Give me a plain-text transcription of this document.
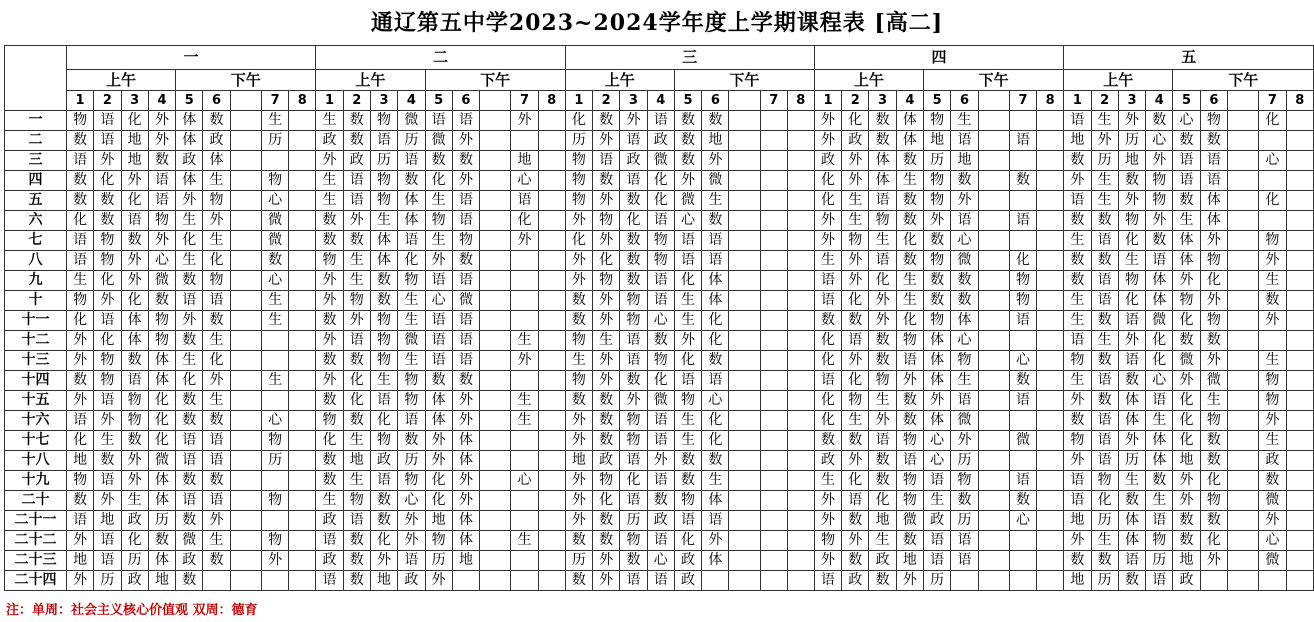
通辽第五中学2023~2024学年度上学期课程表 [高二]
	一									二									三									四									五								
	上午				下午					上午				下午					上午				下午					上午				下午					上午				下午				
	1	2	3	4	5	6		7	8	1	2	3	4	5	6		7	8	1	2	3	4	5	6		7	8	1	2	3	4	5	6		7	8	1	2	3	4	5	6		7	8
一	物	语	化	外	体	数		生		生	数	物	微	语	语		外		化	数	外	语	数	数				外	化	数	体	物	生				语	生	外	数	心	物		化	
二	数	语	地	外	体	政		历		政	数	语	历	微	外				历	外	语	政	数	地				外	政	数	体	地	语		语		地	外	历	心	数	数			
三	语	外	地	数	政	体				外	政	历	语	数	数		地		物	语	政	微	数	外				政	外	体	数	历	地				数	历	地	外	语	语		心	
四	数	化	外	语	体	生		物		生	语	物	数	化	外		心		物	数	语	化	外	微				化	外	体	生	物	数		数		外	生	数	物	语	语			
五	数	数	化	语	外	物		心		生	语	物	体	生	语		语		物	外	数	化	微	生				化	生	语	数	物	外				语	生	外	物	数	体		化	
六	化	数	语	物	生	外		微		数	外	生	体	物	语		化		外	物	化	语	心	数				外	生	物	数	外	语		语		数	数	物	外	生	体			
七	语	物	数	外	化	生		微		数	数	体	语	生	物		外		化	外	数	物	语	语				外	物	生	化	数	心				生	语	化	数	体	外		物	
八	语	物	外	心	生	化		数		物	生	体	化	外	数				外	化	数	物	语	语				生	外	语	数	物	微		化		数	数	生	语	体	物		外	
九	生	化	外	微	数	物		心		外	生	数	物	语	语				外	物	数	语	化	体				语	外	化	生	数	数		物		数	语	物	体	外	化		生	
十	物	外	化	数	语	语		生		外	物	数	生	心	微				数	外	物	语	生	体				语	化	外	生	数	数		物		生	语	化	体	物	外		数	
十一	化	语	体	物	外	数		生		数	外	物	生	语	语				数	外	物	心	生	化				数	数	外	化	物	体		语		生	数	语	微	化	物		外	
十二	外	化	体	物	数	生				外	语	物	微	语	语		生		物	生	语	数	外	化				化	语	数	物	体	心				语	生	外	化	数	数			
十三	外	物	数	体	生	化				数	数	物	生	语	语		外		生	外	语	物	化	数				化	外	数	语	体	物		心		物	数	语	化	微	外		生	
十四	数	物	语	体	化	外		生		外	化	生	物	数	数				物	外	数	化	语	语				语	化	物	外	体	生		数		生	语	数	心	外	微		物	
十五	外	语	物	化	数	生				数	化	语	物	体	外		生		数	数	外	微	物	心				化	物	生	数	外	语		语		外	数	体	语	化	生		物	
十六	语	外	物	化	数	数		心		物	数	化	语	体	外		生		外	数	物	语	生	化				化	生	外	数	体	微				数	语	体	生	化	物		外	
十七	化	生	数	化	语	语		物		化	生	物	数	外	体				外	数	物	语	生	化				数	数	语	物	心	外		微		物	语	外	体	化	数		生	
十八	地	数	外	微	语	语		历		数	地	政	历	外	体				地	政	语	外	数	数				政	外	数	语	心	历				外	语	历	体	地	数		政	
十九	物	语	外	体	数	数				数	生	语	物	化	外		心		外	物	化	语	数	生				生	化	数	物	语	物		语		语	物	生	数	外	化		数	
二十	数	外	生	体	语	语		物		生	物	数	心	化	外				外	化	语	数	物	体				外	语	化	物	生	数		数		语	化	数	生	外	物		微	
二十一	语	地	政	历	数	外				政	语	数	外	地	体				外	数	历	政	语	语				外	数	地	微	政	历		心		地	历	体	语	数	数		外	
二十二	外	语	化	数	微	生		物		语	数	化	外	物	体		生		数	数	物	语	化	外				物	外	生	数	语	语				外	生	体	物	数	化		心	
二十三	地	语	历	体	政	数		外		政	数	外	语	历	地				历	外	数	心	政	体				外	数	政	地	语	语				数	数	语	历	地	外		微	
二十四	外	历	政	地	数					语	数	地	政	外					数	外	语	语	政					语	政	数	外	历					地	历	数	语	政				
注：单周：社会主义核心价值观 双周：德育
